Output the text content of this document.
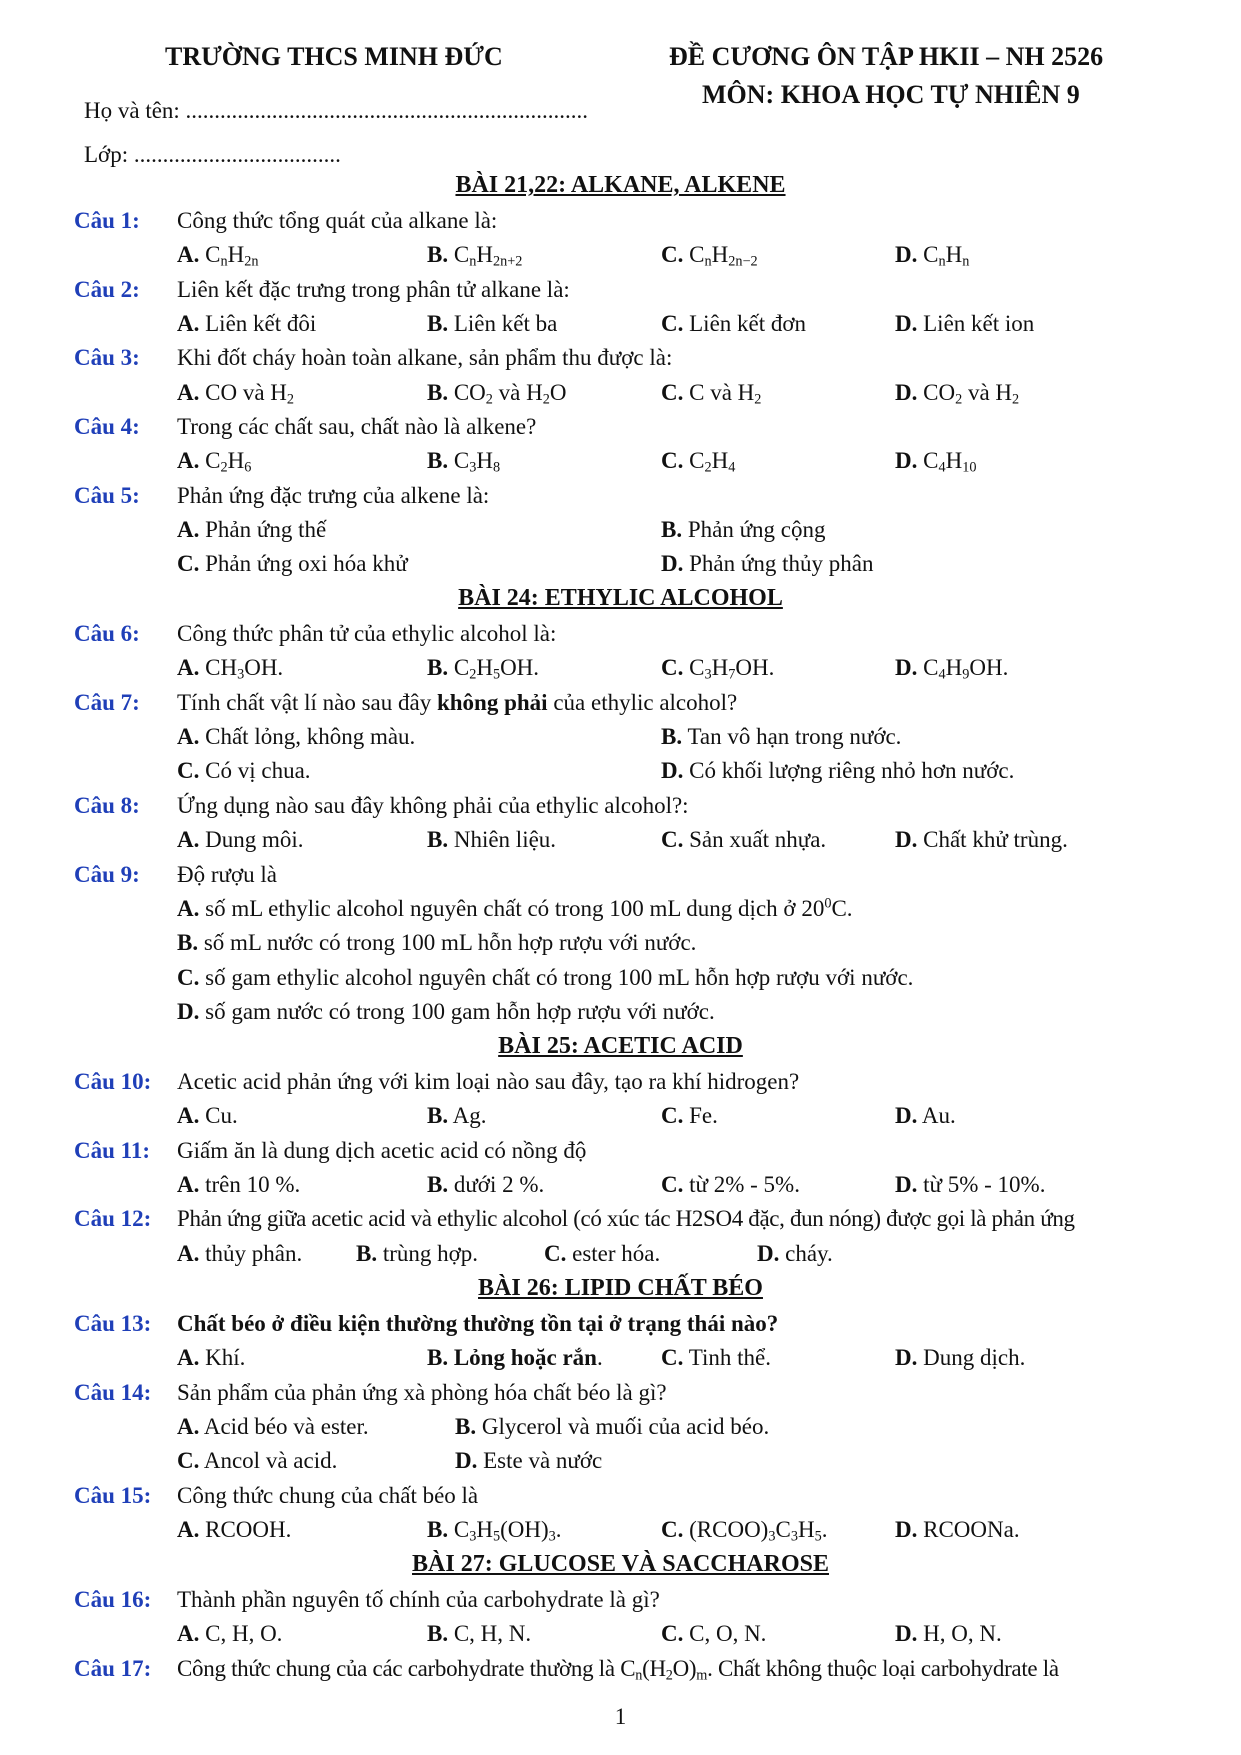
TRƯỜNG THCS MINH ĐỨC	ĐỀ CƯƠNG ÔN TẬP HKII – NH 2526
MÔN: KHOA HỌC TỰ NHIÊN 9
Họ và tên: ......................................................................
Lớp: ....................................
BÀI 21,22: ALKANE, ALKENE
Câu 1: Công thức tổng quát của alkane là:
A. $C_nH_{2n}$	B. $C_nH_{2n+2}$	C. $C_nH_{2n-2}$	D. $C_nH_n$
Câu 2: Liên kết đặc trưng trong phân tử alkane là:
A. Liên kết đôi	B. Liên kết ba	C. Liên kết đơn	D. Liên kết ion
Câu 3: Khi đốt cháy hoàn toàn alkane, sản phẩm thu được là:
A. CO và $H_2$	B. $CO_2$ và $H_2O$	C. C và $H_2$	D. $CO_2$ và $H_2$
Câu 4: Trong các chất sau, chất nào là alkene?
A. $C_2H_6$	B. $C_3H_8$	C. $C_2H_4$	D. $C_4H_{10}$
Câu 5: Phản ứng đặc trưng của alkene là:
A. Phản ứng thế	B. Phản ứng cộng
C. Phản ứng oxi hóa khử	D. Phản ứng thủy phân
BÀI 24: ETHYLIC ALCOHOL
Câu 6: Công thức phân tử của ethylic alcohol là:
A. $CH_3OH$.	B. $C_2H_5OH$.	C. $C_3H_7OH$.	D. $C_4H_9OH$.
Câu 7: Tính chất vật lí nào sau đây không phải của ethylic alcohol?
A. Chất lỏng, không màu.	B. Tan vô hạn trong nước.
C. Có vị chua.	D. Có khối lượng riêng nhỏ hơn nước.
Câu 8: Ứng dụng nào sau đây không phải của ethylic alcohol?:
A. Dung môi.	B. Nhiên liệu.	C. Sản xuất nhựa.	D. Chất khử trùng.
Câu 9: Độ rượu là
A. số mL ethylic alcohol nguyên chất có trong 100 mL dung dịch ở $20^0C$.
B. số mL nước có trong 100 mL hỗn hợp rượu với nước.
C. số gam ethylic alcohol nguyên chất có trong 100 mL hỗn hợp rượu với nước.
D. số gam nước có trong 100 gam hỗn hợp rượu với nước.
BÀI 25: ACETIC ACID
Câu 10: Acetic acid phản ứng với kim loại nào sau đây, tạo ra khí hidrogen?
A. Cu.	B. Ag.	C. Fe.	D. Au.
Câu 11: Giấm ăn là dung dịch acetic acid có nồng độ
A. trên 10 %.	B. dưới 2 %.	C. từ 2% - 5%.	D. từ 5% - 10%.
Câu 12: Phản ứng giữa acetic acid và ethylic alcohol (có xúc tác H2SO4 đặc, đun nóng) được gọi là phản ứng
A. thủy phân. B. trùng hợp.	C. ester hóa.	D. cháy.
BÀI 26: LIPID CHẤT BÉO
Câu 13: Chất béo ở điều kiện thường thường tồn tại ở trạng thái nào?
A. Khí.	B. Lỏng hoặc rắn.	C. Tinh thể.	D. Dung dịch.
Câu 14: Sản phẩm của phản ứng xà phòng hóa chất béo là gì?
A. Acid béo và ester.	B. Glycerol và muối của acid béo.
C. Ancol và acid.	D. Este và nước
Câu 15: Công thức chung của chất béo là
A. RCOOH.	B. $C_3H_5(OH)_3$.	C. $(RCOO)_3C_3H_5$.	D. RCOONa.
BÀI 27: GLUCOSE VÀ SACCHAROSE
Câu 16: Thành phần nguyên tố chính của carbohydrate là gì?
A. C, H, O.	B. C, H, N.	C. C, O, N.	D. H, O, N.
Câu 17: Công thức chung của các carbohydrate thường là $C_n(H_2O)_m$. Chất không thuộc loại carbohydrate là
1
